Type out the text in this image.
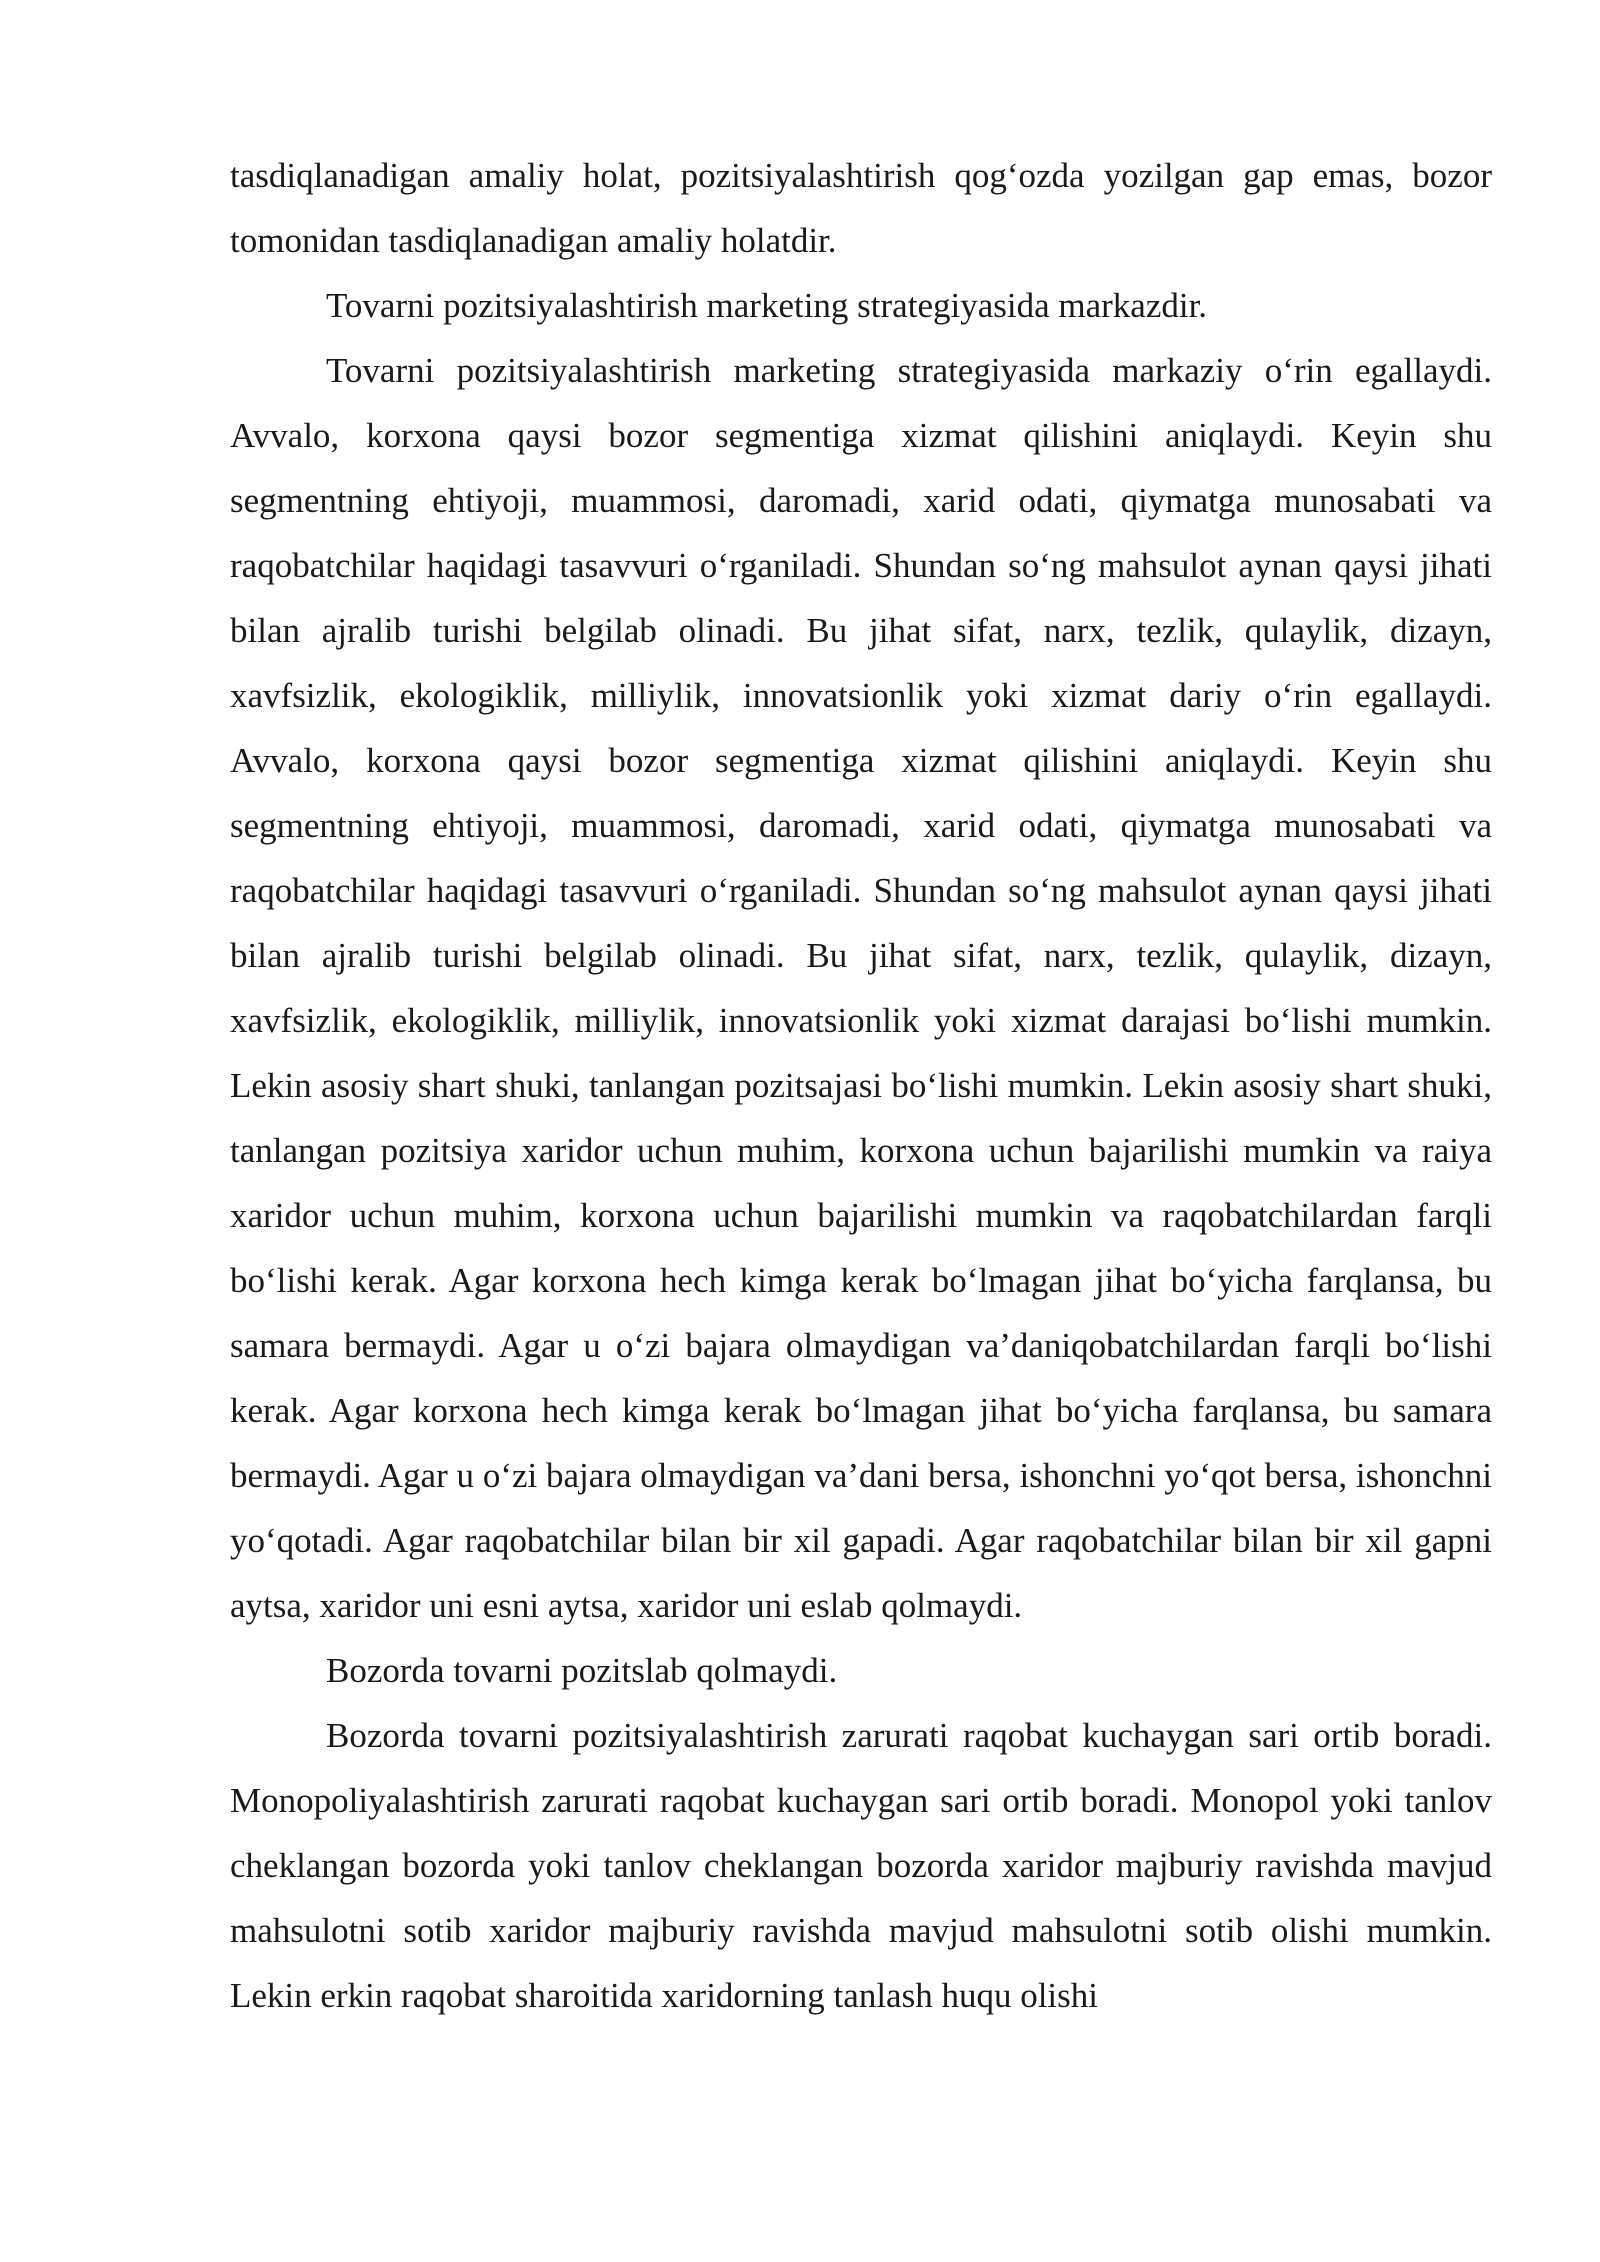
tasdiqlanadigan amaliy holat, pozitsiyalashtirish qog‘ozda yozilgan gap emas, bozor tomonidan tasdiqlanadigan amaliy holatdir.

Tovarni pozitsiyalashtirish marketing strategiyasida markazdir.

Tovarni pozitsiyalashtirish marketing strategiyasida markaziy o‘rin egallaydi. Avvalo, korxona qaysi bozor segmentiga xizmat qilishini aniqlaydi. Keyin shu segmentning ehtiyoji, muammosi, daromadi, xarid odati, qiymatga munosabati va raqobatchilar haqidagi tasavvuri o‘rganiladi. Shundan so‘ng mahsulot aynan qaysi jihati bilan ajralib turishi belgilab olinadi. Bu jihat sifat, narx, tezlik, qulaylik, dizayn, xavfsizlik, ekologiklik, milliylik, innovatsionlik yoki xizmat dariy o‘rin egallaydi. Avvalo, korxona qaysi bozor segmentiga xizmat qilishini aniqlaydi. Keyin shu segmentning ehtiyoji, muammosi, daromadi, xarid odati, qiymatga munosabati va raqobatchilar haqidagi tasavvuri o‘rganiladi. Shundan so‘ng mahsulot aynan qaysi jihati bilan ajralib turishi belgilab olinadi. Bu jihat sifat, narx, tezlik, qulaylik, dizayn, xavfsizlik, ekologiklik, milliylik, innovatsionlik yoki xizmat darajasi bo‘lishi mumkin. Lekin asosiy shart shuki, tanlangan pozitsajasi bo‘lishi mumkin. Lekin asosiy shart shuki, tanlangan pozitsiya xaridor uchun muhim, korxona uchun bajarilishi mumkin va raiya xaridor uchun muhim, korxona uchun bajarilishi mumkin va raqobatchilardan farqli bo‘lishi kerak. Agar korxona hech kimga kerak bo‘lmagan jihat bo‘yicha farqlansa, bu samara bermaydi. Agar u o‘zi bajara olmaydigan va’daniqobatchilardan farqli bo‘lishi kerak. Agar korxona hech kimga kerak bo‘lmagan jihat bo‘yicha farqlansa, bu samara bermaydi. Agar u o‘zi bajara olmaydigan va’dani bersa, ishonchni yo‘qot bersa, ishonchni yo‘qotadi. Agar raqobatchilar bilan bir xil gapadi. Agar raqobatchilar bilan bir xil gapni aytsa, xaridor uni esni aytsa, xaridor uni eslab qolmaydi.

Bozorda tovarni pozitslab qolmaydi.

Bozorda tovarni pozitsiyalashtirish zarurati raqobat kuchaygan sari ortib boradi. Monopoliyalashtirish zarurati raqobat kuchaygan sari ortib boradi. Monopol yoki tanlov cheklangan bozorda yoki tanlov cheklangan bozorda xaridor majburiy ravishda mavjud mahsulotni sotib xaridor majburiy ravishda mavjud mahsulotni sotib olishi mumkin. Lekin erkin raqobat sharoitida xaridorning tanlash huqu olishi
